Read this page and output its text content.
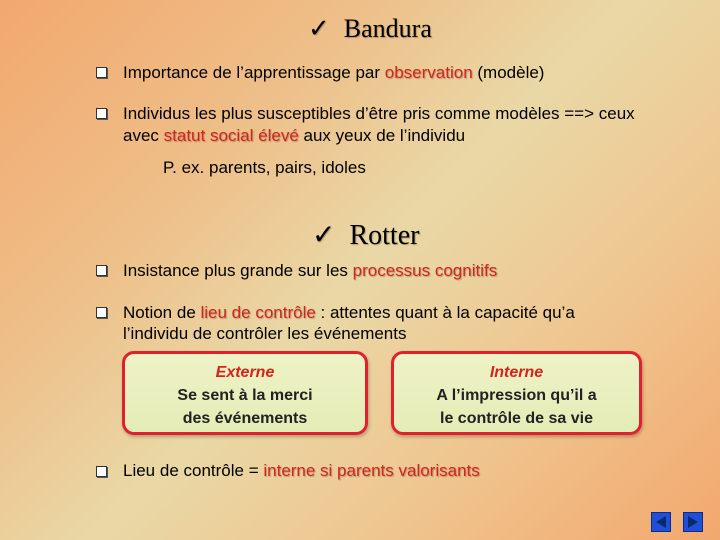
✓ Bandura
Importance de l’apprentissage par observation (modèle)
Individus les plus susceptibles d’être pris comme modèles ==> ceux
avec statut social élevé aux yeux de l’individu
P. ex. parents, pairs, idoles
✓ Rotter
Insistance plus grande sur les processus cognitifs
Notion de lieu de contrôle : attentes quant à la capacité qu’a
l’individu de contrôler les événements
Externe
Se sent à la merci
des événements
Interne
A l’impression qu’il a
le contrôle de sa vie
Lieu de contrôle = interne si parents valorisants
